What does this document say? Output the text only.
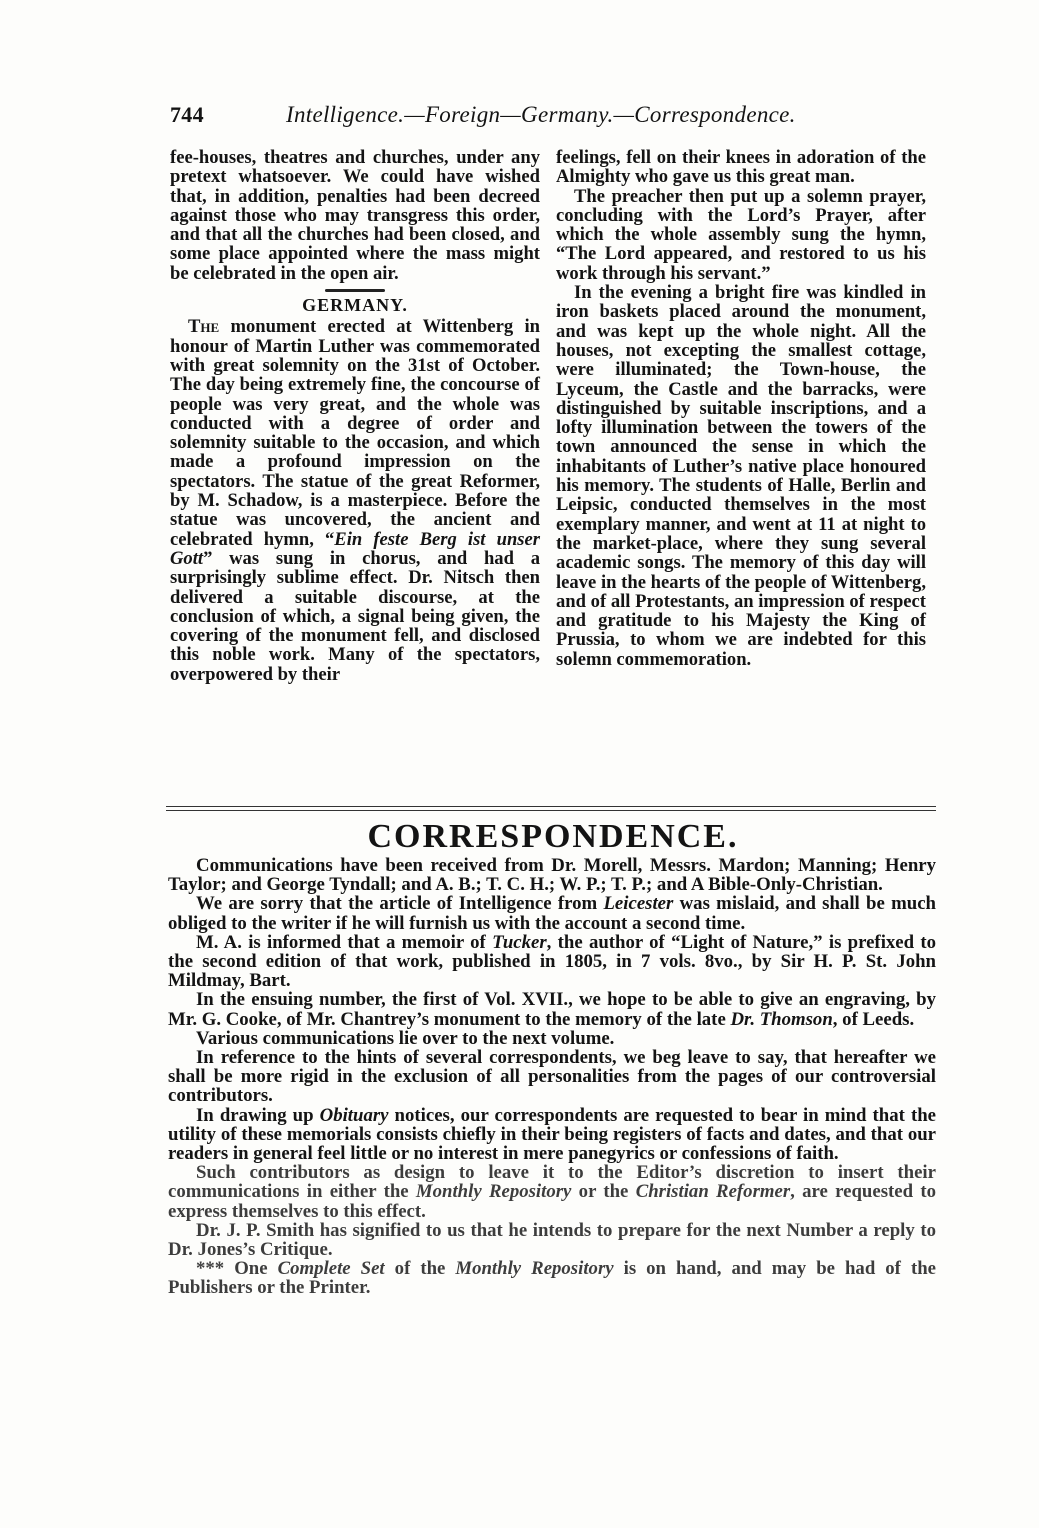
744	Intelligence.—Foreign—Germany.—Correspondence.

fee-houses, theatres and churches, under any pretext whatsoever. We could have wished that, in addition, penalties had been decreed against those who may transgress this order, and that all the churches had been closed, and some place appointed where the mass might be celebrated in the open air.

GERMANY.

The monument erected at Wittenberg in honour of Martin Luther was commemorated with great solemnity on the 31st of October. The day being extremely fine, the concourse of people was very great, and the whole was conducted with a degree of order and solemnity suitable to the occasion, and which made a profound impression on the spectators. The statue of the great Reformer, by M. Schadow, is a masterpiece. Before the statue was uncovered, the ancient and celebrated hymn, “Ein feste Berg ist unser Gott” was sung in chorus, and had a surprisingly sublime effect. Dr. Nitsch then delivered a suitable discourse, at the conclusion of which, a signal being given, the covering of the monument fell, and disclosed this noble work. Many of the spectators, overpowered by their

feelings, fell on their knees in adoration of the Almighty who gave us this great man.

The preacher then put up a solemn prayer, concluding with the Lord’s Prayer, after which the whole assembly sung the hymn, “The Lord appeared, and restored to us his work through his servant.”

In the evening a bright fire was kindled in iron baskets placed around the monument, and was kept up the whole night. All the houses, not excepting the smallest cottage, were illuminated; the Town-house, the Lyceum, the Castle and the barracks, were distinguished by suitable inscriptions, and a lofty illumination between the towers of the town announced the sense in which the inhabitants of Luther’s native place honoured his memory. The students of Halle, Berlin and Leipsic, conducted themselves in the most exemplary manner, and went at 11 at night to the market-place, where they sung several academic songs. The memory of this day will leave in the hearts of the people of Wittenberg, and of all Protestants, an impression of respect and gratitude to his Majesty the King of Prussia, to whom we are indebted for this solemn commemoration.

CORRESPONDENCE.

Communications have been received from Dr. Morell, Messrs. Mardon; Manning; Henry Taylor; and George Tyndall; and A. B.; T. C. H.; W. P.; T. P.; and A Bible-Only-Christian.

We are sorry that the article of Intelligence from Leicester was mislaid, and shall be much obliged to the writer if he will furnish us with the account a second time.

M. A. is informed that a memoir of Tucker, the author of “Light of Nature,” is prefixed to the second edition of that work, published in 1805, in 7 vols. 8vo., by Sir H. P. St. John Mildmay, Bart.

In the ensuing number, the first of Vol. XVII., we hope to be able to give an engraving, by Mr. G. Cooke, of Mr. Chantrey’s monument to the memory of the late Dr. Thomson, of Leeds.

Various communications lie over to the next volume.

In reference to the hints of several correspondents, we beg leave to say, that hereafter we shall be more rigid in the exclusion of all personalities from the pages of our controversial contributors.

In drawing up Obituary notices, our correspondents are requested to bear in mind that the utility of these memorials consists chiefly in their being registers of facts and dates, and that our readers in general feel little or no interest in mere panegyrics or confessions of faith.

Such contributors as design to leave it to the Editor’s discretion to insert their communications in either the Monthly Repository or the Christian Reformer, are requested to express themselves to this effect.

Dr. J. P. Smith has signified to us that he intends to prepare for the next Number a reply to Dr. Jones’s Critique.

*** One Complete Set of the Monthly Repository is on hand, and may be had of the Publishers or the Printer.
